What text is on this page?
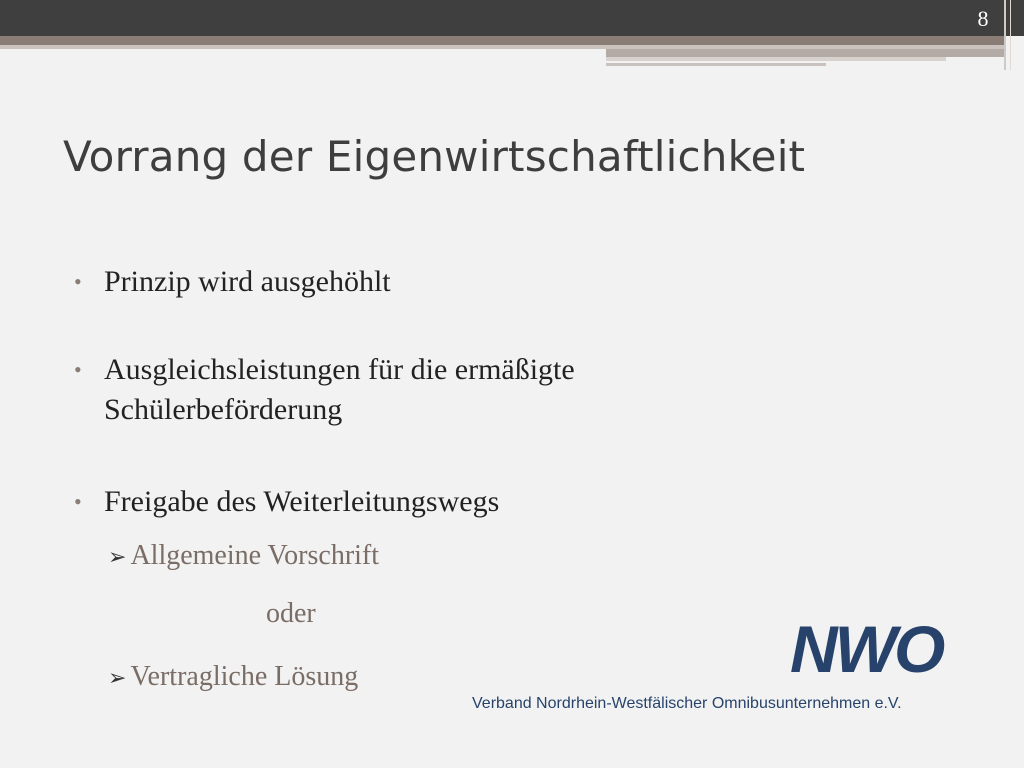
8
Vorrang der Eigenwirtschaftlichkeit
• Prinzip wird ausgehöhlt
• Ausgleichsleistungen für die ermäßigte
Schülerbeförderung
• Freigabe des Weiterleitungswegs
➢ Allgemeine Vorschrift
oder
➢ Vertragliche Lösung	NWO
Verband Nordrhein-Westfälischer Omnibusunternehmen e.V.
